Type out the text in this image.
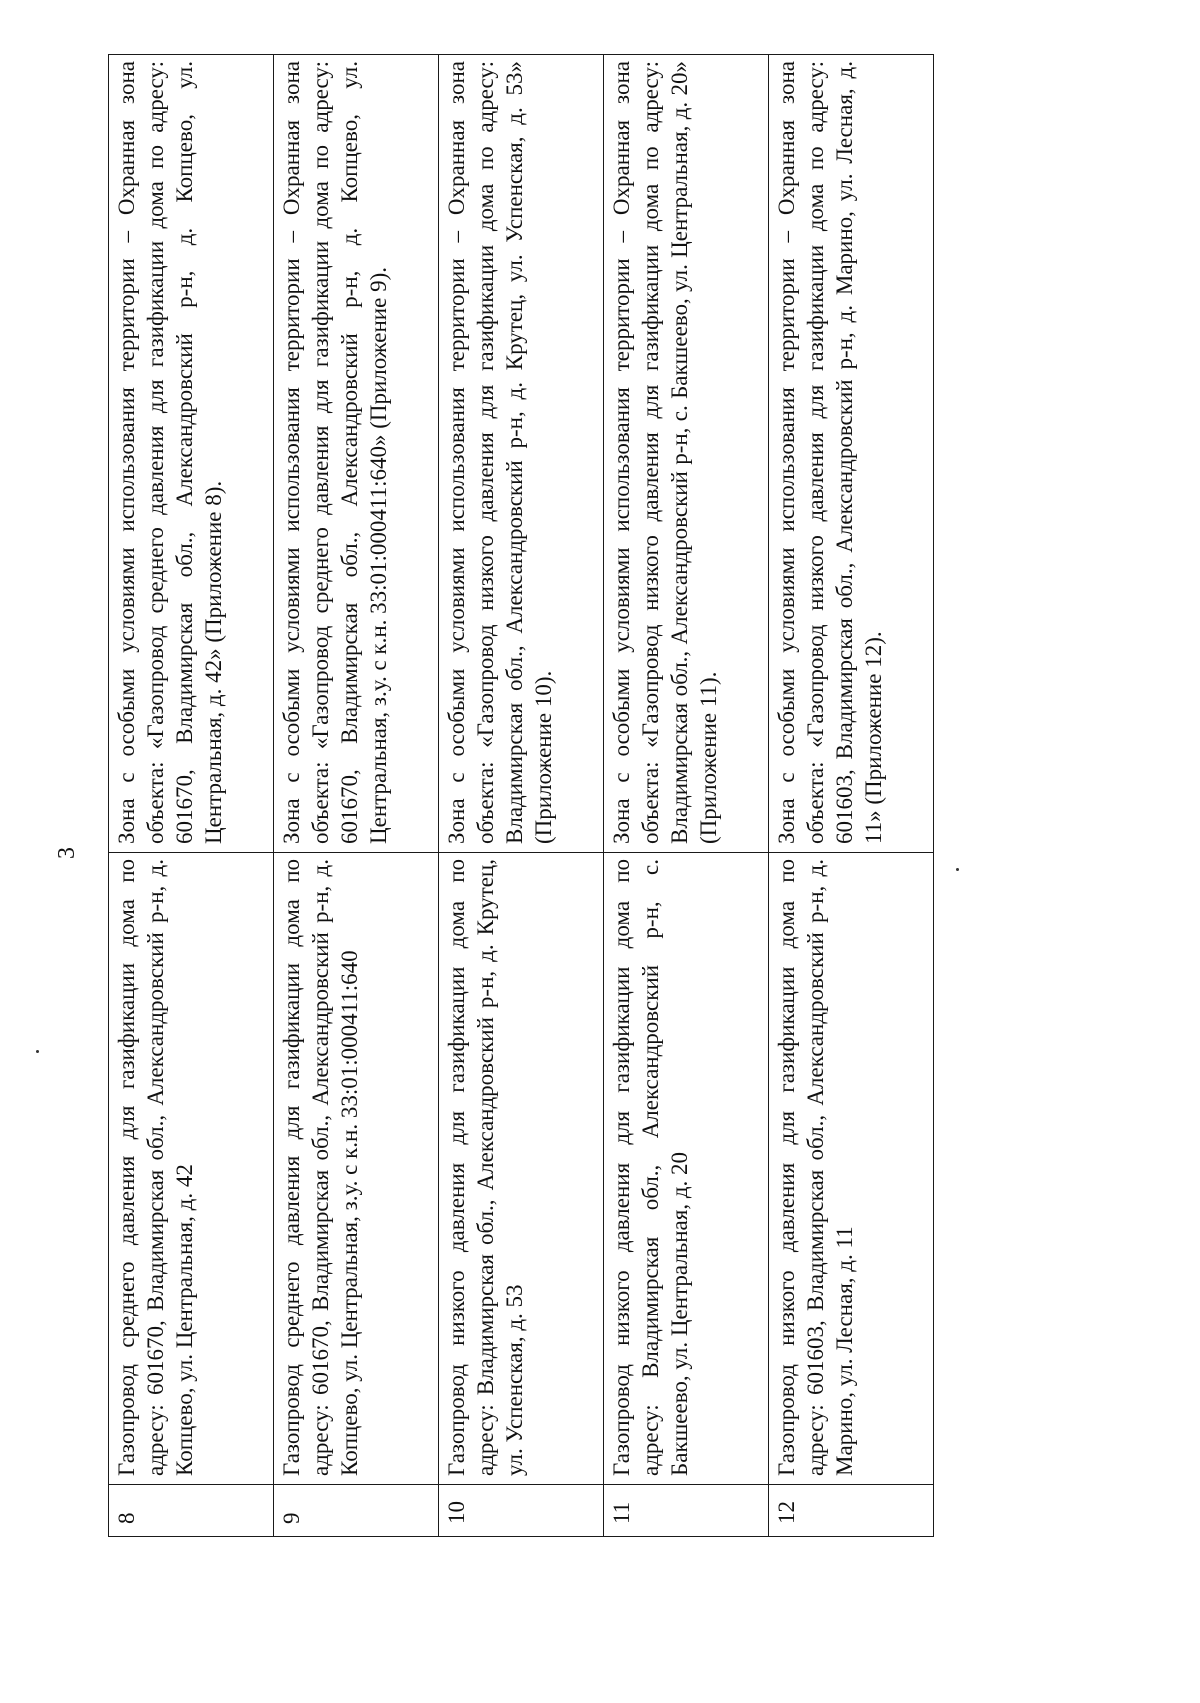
3
8	Газопровод среднего давления для газификации дома по адресу: 601670, Владимирская обл., Александровский р-н, д. Копцево, ул. Центральная, д. 42	Зона с особыми условиями использования территории – Охранная зона объекта: «Газопровод среднего давления для газификации дома по адресу: 601670, Владимирская обл., Александровский р-н, д. Копцево, ул. Центральная, д. 42» (Приложение 8).
9	Газопровод среднего давления для газификации дома по адресу: 601670, Владимирская обл., Александровский р-н, д. Копцево, ул. Центральная, з.у. с к.н. 33:01:000411:640	Зона с особыми условиями использования территории – Охранная зона объекта: «Газопровод среднего давления для газификации дома по адресу: 601670, Владимирская обл., Александровский р-н, д. Копцево, ул. Центральная, з.у. с к.н. 33:01:000411:640» (Приложение 9).
10	Газопровод низкого давления для газификации дома по адресу: Владимирская обл., Александровский р-н, д. Крутец, ул. Успенская, д. 53	Зона с особыми условиями использования территории – Охранная зона объекта: «Газопровод низкого давления для газификации дома по адресу: Владимирская обл., Александровский р-н, д. Крутец, ул. Успенская, д. 53» (Приложение 10).
11	Газопровод низкого давления для газификации дома по адресу: Владимирская обл., Александровский р-н, с. Бакшеево, ул. Центральная, д. 20	Зона с особыми условиями использования территории – Охранная зона объекта: «Газопровод низкого давления для газификации дома по адресу: Владимирская обл., Александровский р-н, с. Бакшеево, ул. Центральная, д. 20» (Приложение 11).
12	Газопровод низкого давления для газификации дома по адресу: 601603, Владимирская обл., Александровский р-н, д. Марино, ул. Лесная, д. 11	Зона с особыми условиями использования территории – Охранная зона объекта: «Газопровод низкого давления для газификации дома по адресу: 601603, Владимирская обл., Александровский р-н, д. Марино, ул. Лесная, д. 11» (Приложение 12).
